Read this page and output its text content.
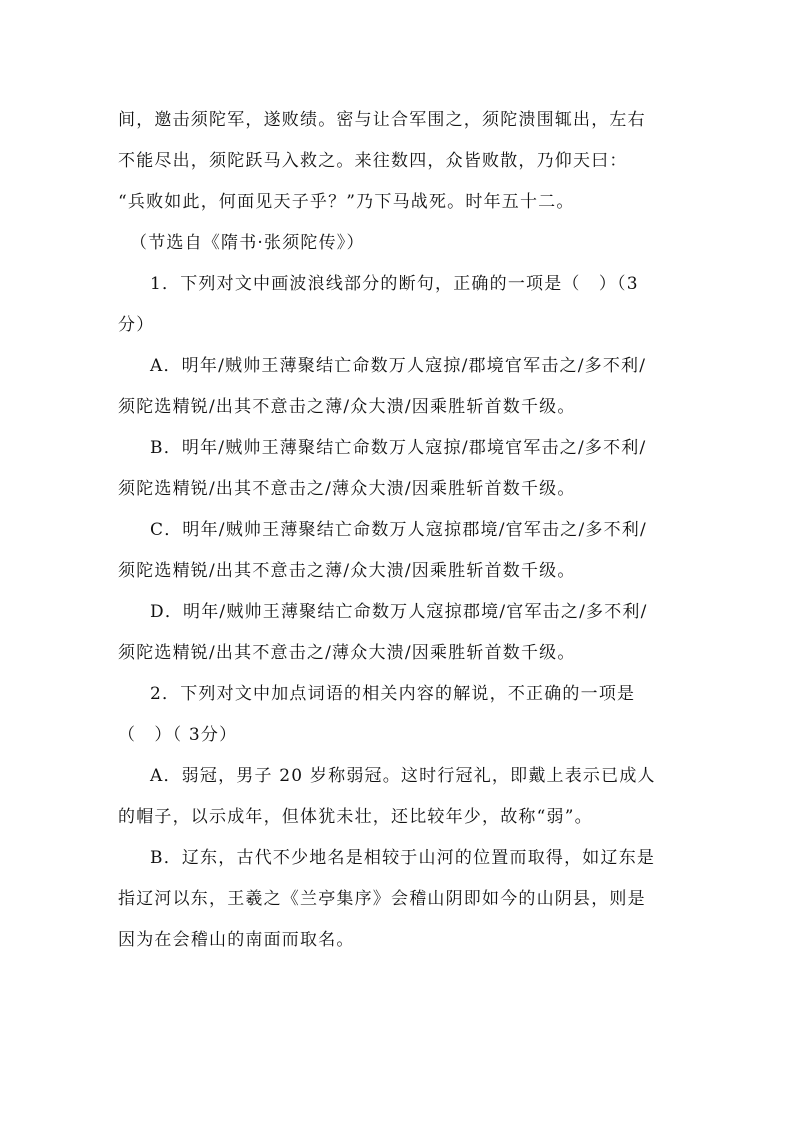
间，邀击须陀军，遂败绩。密与让合军围之，须陀溃围辄出，左右
不能尽出，须陀跃马入救之。来往数四，众皆败散，乃仰天曰：
“兵败如此，何面见天子乎？”乃下马战死。时年五十二。
（节选自《隋书·张须陀传》）
1．下列对文中画波浪线部分的断句，正确的一项是（　）（3
分）
A．明年/贼帅王薄聚结亡命数万人寇掠/郡境官军击之/多不利/
须陀选精锐/出其不意击之薄/众大溃/因乘胜斩首数千级。
B．明年/贼帅王薄聚结亡命数万人寇掠/郡境官军击之/多不利/
须陀选精锐/出其不意击之/薄众大溃/因乘胜斩首数千级。
C．明年/贼帅王薄聚结亡命数万人寇掠郡境/官军击之/多不利/
须陀选精锐/出其不意击之薄/众大溃/因乘胜斩首数千级。
D．明年/贼帅王薄聚结亡命数万人寇掠郡境/官军击之/多不利/
须陀选精锐/出其不意击之/薄众大溃/因乘胜斩首数千级。
2．下列对文中加点词语的相关内容的解说，不正确的一项是
（　）（ 3分）
A．弱冠，男子 20 岁称弱冠。这时行冠礼，即戴上表示已成人
的帽子，以示成年，但体犹未壮，还比较年少，故称“弱”。
B．辽东，古代不少地名是相较于山河的位置而取得，如辽东是
指辽河以东，王羲之《兰亭集序》会稽山阴即如今的山阴县，则是
因为在会稽山的南面而取名。
